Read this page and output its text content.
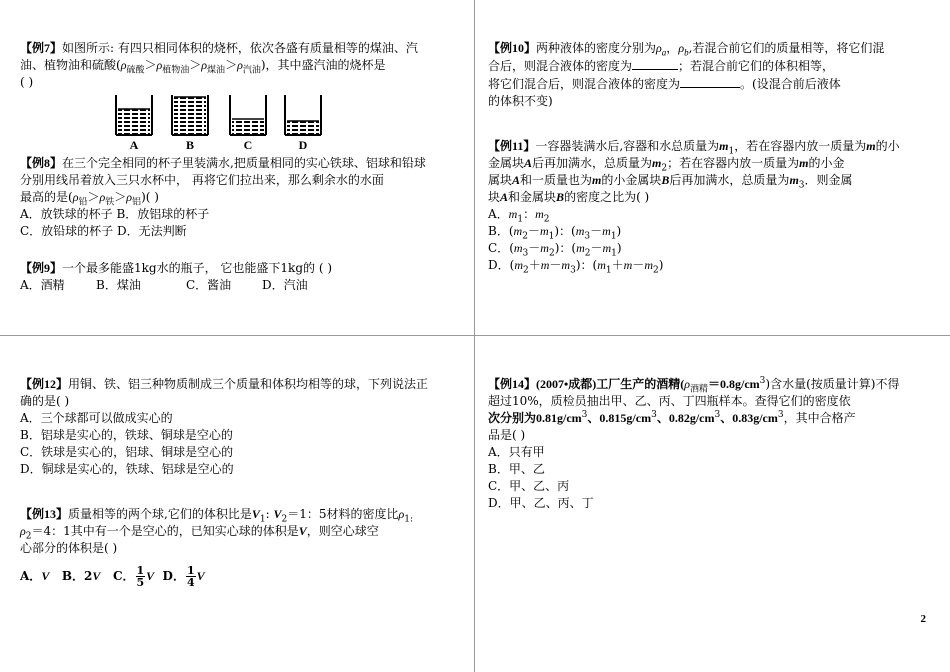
【例7】如图所示: 有四只相同体积的烧杯，依次各盛有质量相等的煤油、汽

油、植物油和硫酸$(\rho_{硫酸}>\rho_{植物油}>\rho_{煤油}>\rho_{汽油})$，其中盛汽油的烧杯是

( )

A	B	C	D

【例8】在三个完全相同的杯子里装满水,把质量相同的实心铁球、铝球和铅球

分别用线吊着放入三只水杯中， 再将它们拉出来，那么剩余水的水面

最高的是$(\rho_铅>\rho_铁>\rho_铝)$( )

A．放铁球的杯子 B．放铝球的杯子

C．放铅球的杯子 D．无法判断

【例9】一个最多能盛1kg水的瓶子， 它也能盛下1kg的 ( )

A．酒精	B．煤油	C．酱油	D．汽油

【例10】两种液体的密度分别为$\rho_a$，$\rho_b$,若混合前它们的质量相等，将它们混

合后，则混合液体的密度为	；若混合前它们的体积相等，

将它们混合后，则混合液体的密度为	。(设混合前后液体

的体积不变)

【例11】一容器装满水后,容器和水总质量为$m_1$，若在容器内放一质量为m的小

金属块A后再加满水，总质量为$m_2$；若在容器内放一质量为m的小金

属块A和一质量也为m的小金属块B后再加满水，总质量为$m_3$．则金属

块A和金属块B的密度之比为( )

A．$m_1$：$m_2$

B．$(m_2-m_1)$：$(m_3-m_1)$

C．$(m_3-m_2)$：$(m_2-m_1)$

D．$(m_2+m-m_3)$：$(m_1+m-m_2)$

【例12】用铜、铁、铝三种物质制成三个质量和体积均相等的球，下列说法正

确的是( )

A．三个球都可以做成实心的

B．铝球是实心的，铁球、铜球是空心的

C．铁球是实心的，铝球、铜球是空心的

D．铜球是实心的，铁球、铝球是空心的

【例13】质量相等的两个球,它们的体积比是$V_1$: $V_2=1$：5材料的密度比$\rho_{1:}$

$\rho_2=4$：1其中有一个是空心的，已知实心球的体积是V，则空心球空

心部分的体积是( )

A．V B．2V C． $\frac{1}{5}$ V D． $\frac{1}{4}$ V

【例14】(2007•成都)工厂生产的酒精$(\rho_{酒精}=0.8g/cm^3)$含水量(按质量计算)不得

超过10%，质检员抽出甲、乙、丙、丁四瓶样本。查得它们的密度依

次分别为$0.81g/cm^3$、$0.815g/cm^3$、$0.82g/cm^3$、$0.83g/cm^3$，其中合格产

品是( )

A．只有甲

B．甲、乙

C．甲、乙、丙

D．甲、乙、丙、丁

2
